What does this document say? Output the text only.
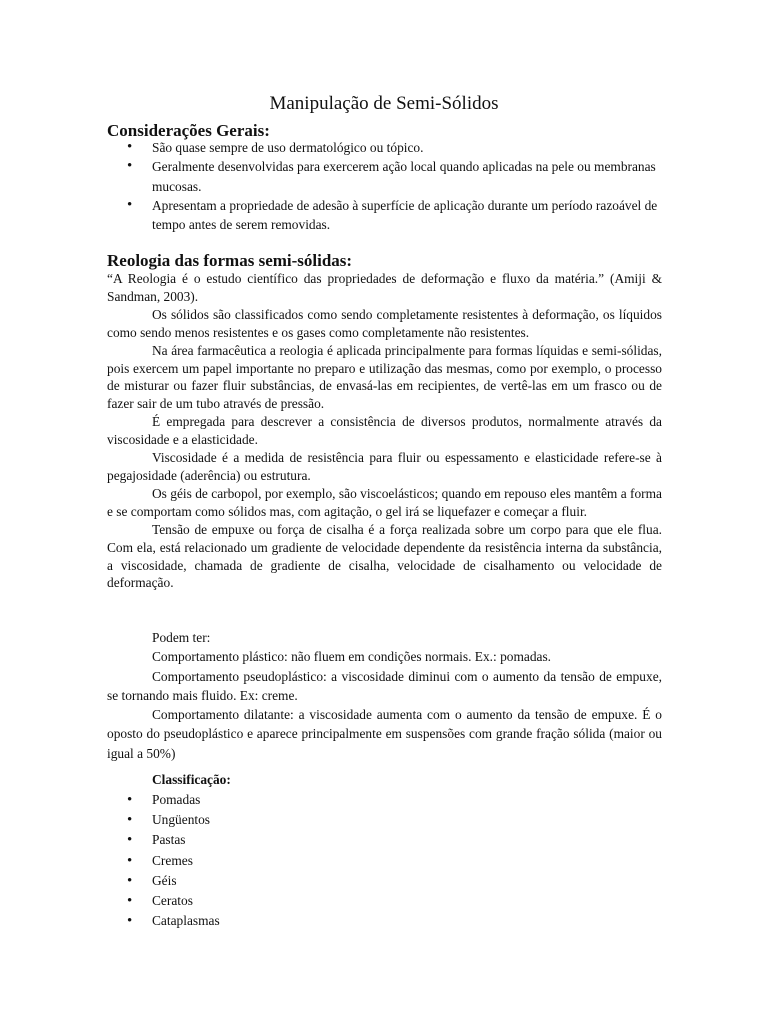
Manipulação de Semi-Sólidos
Considerações Gerais:
• São quase sempre de uso dermatológico ou tópico.
• Geralmente desenvolvidas para exercerem ação local quando aplicadas na pele ou membranas mucosas.
• Apresentam a propriedade de adesão à superfície de aplicação durante um período razoável de tempo antes de serem removidas.
Reologia das formas semi-sólidas:

“A Reologia é o estudo científico das propriedades de deformação e fluxo da matéria.” (Amiji & Sandman, 2003).

Os sólidos são classificados como sendo completamente resistentes à deformação, os líquidos como sendo menos resistentes e os gases como completamente não resistentes.

Na área farmacêutica a reologia é aplicada principalmente para formas líquidas e semi-sólidas, pois exercem um papel importante no preparo e utilização das mesmas, como por exemplo, o processo de misturar ou fazer fluir substâncias, de envasá-las em recipientes, de vertê-las em um frasco ou de fazer sair de um tubo através de pressão.

É empregada para descrever a consistência de diversos produtos, normalmente através da viscosidade e a elasticidade.

Viscosidade é a medida de resistência para fluir ou espessamento e elasticidade refere-se à pegajosidade (aderência) ou estrutura.

Os géis de carbopol, por exemplo, são viscoelásticos; quando em repouso eles mantêm a forma e se comportam como sólidos mas, com agitação, o gel irá se liquefazer e começar a fluir.

Tensão de empuxe ou força de cisalha é a força realizada sobre um corpo para que ele flua. Com ela, está relacionado um gradiente de velocidade dependente da resistência interna da substância, a viscosidade, chamada de gradiente de cisalha, velocidade de cisalhamento ou velocidade de deformação.

Podem ter:

Comportamento plástico: não fluem em condições normais. Ex.: pomadas.

Comportamento pseudoplástico: a viscosidade diminui com o aumento da tensão de empuxe, se tornando mais fluido. Ex: creme.

Comportamento dilatante: a viscosidade aumenta com o aumento da tensão de empuxe. É o oposto do pseudoplástico e aparece principalmente em suspensões com grande fração sólida (maior ou igual a 50%)

Classificação:
• Pomadas
• Ungüentos
• Pastas
• Cremes
• Géis
• Ceratos
• Cataplasmas
